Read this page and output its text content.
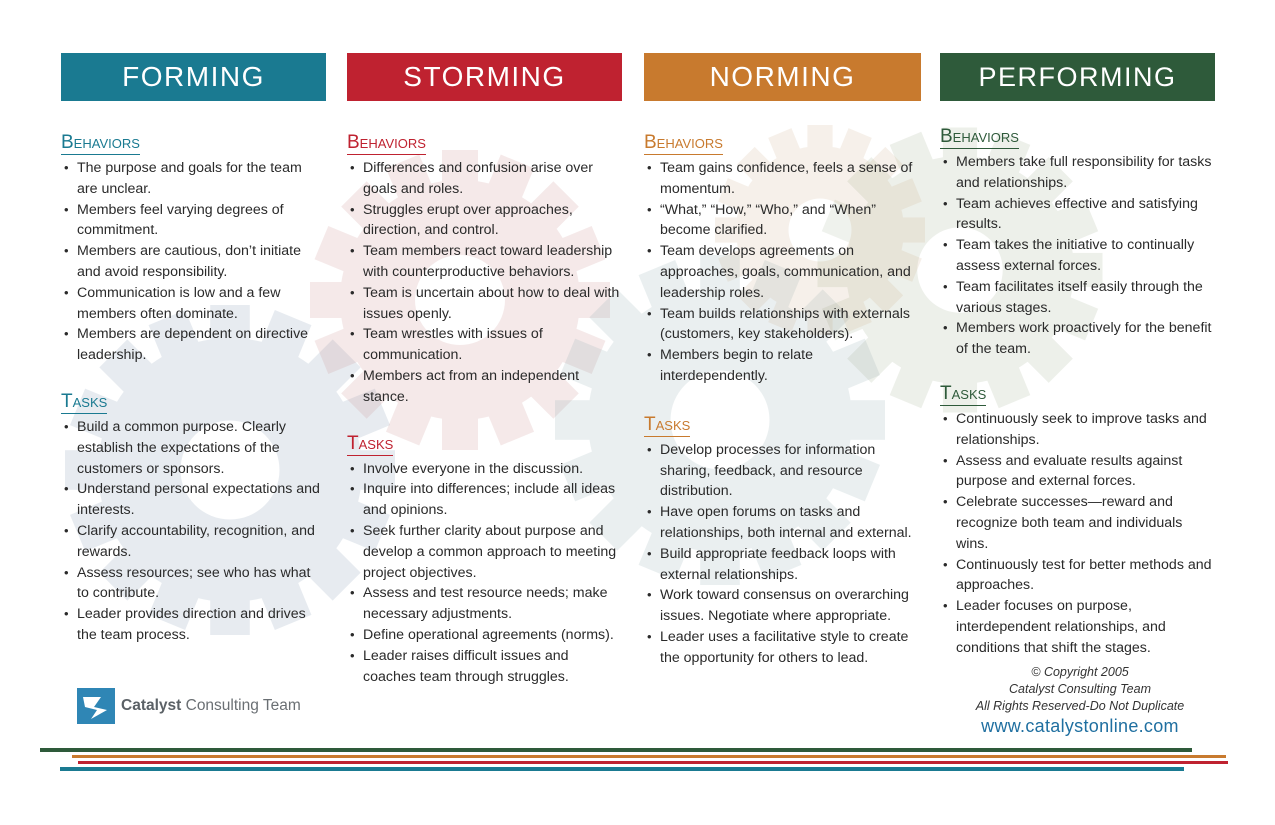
FORMING
Behaviors
• The purpose and goals for the team are unclear.
• Members feel varying degrees of commitment.
• Members are cautious, don’t initiate and avoid responsibility.
• Communication is low and a few members often dominate.
• Members are dependent on directive leadership.
Tasks
• Build a common purpose. Clearly establish the expectations of the customers or sponsors.
• Understand personal expectations and interests.
• Clarify accountability, recognition, and rewards.
• Assess resources; see who has what to contribute.
• Leader provides direction and drives the team process.
STORMING
Behaviors
• Differences and confusion arise over goals and roles.
• Struggles erupt over approaches, direction, and control.
• Team members react toward leadership with counterproductive behaviors.
• Team is uncertain about how to deal with issues openly.
• Team wrestles with issues of communication.
• Members act from an independent stance.
Tasks
• Involve everyone in the discussion.
• Inquire into differences; include all ideas and opinions.
• Seek further clarity about purpose and develop a common approach to meeting project objectives.
• Assess and test resource needs; make necessary adjustments.
• Define operational agreements (norms).
• Leader raises difficult issues and coaches team through struggles.
NORMING
Behaviors
• Team gains confidence, feels a sense of momentum.
• “What,” “How,” “Who,” and “When” become clarified.
• Team develops agreements on approaches, goals, communication, and leadership roles.
• Team builds relationships with externals (customers, key stakeholders).
• Members begin to relate interdependently.
Tasks
• Develop processes for information sharing, feedback, and resource distribution.
• Have open forums on tasks and relationships, both internal and external.
• Build appropriate feedback loops with external relationships.
• Work toward consensus on overarching issues. Negotiate where appropriate.
• Leader uses a facilitative style to create the opportunity for others to lead.
PERFORMING
Behaviors
• Members take full responsibility for tasks and relationships.
• Team achieves effective and satisfying results.
• Team takes the initiative to continually assess external forces.
• Team facilitates itself easily through the various stages.
• Members work proactively for the benefit of the team.
Tasks
• Continuously seek to improve tasks and relationships.
• Assess and evaluate results against purpose and external forces.
• Celebrate successes—reward and recognize both team and individuals wins.
• Continuously test for better methods and approaches.
• Leader focuses on purpose, interdependent relationships, and conditions that shift the stages.
Catalyst Consulting Team
© Copyright 2005
Catalyst Consulting Team
All Rights Reserved-Do Not Duplicate
www.catalystonline.com
